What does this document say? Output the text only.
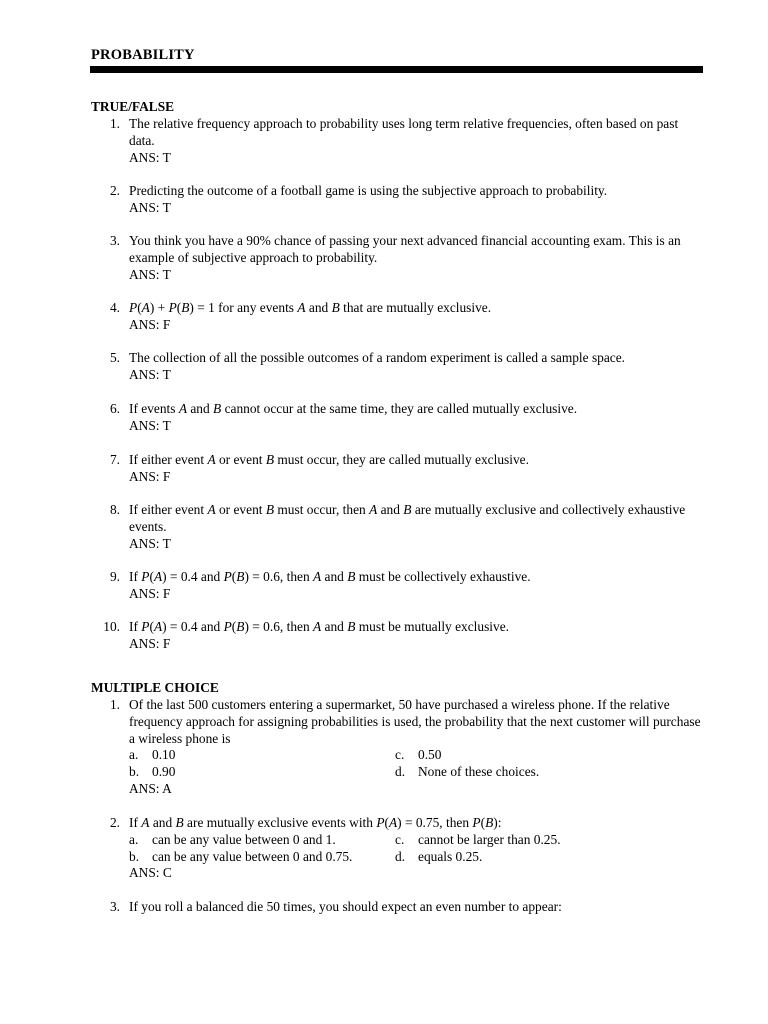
PROBABILITY
TRUE/FALSE
1. The relative frequency approach to probability uses long term relative frequencies, often based on past data.
ANS: T
2. Predicting the outcome of a football game is using the subjective approach to probability.
ANS: T
3. You think you have a 90% chance of passing your next advanced financial accounting exam. This is an example of subjective approach to probability.
ANS: T
4. P(A) + P(B) = 1 for any events A and B that are mutually exclusive.
ANS: F
5. The collection of all the possible outcomes of a random experiment is called a sample space.
ANS: T
6. If events A and B cannot occur at the same time, they are called mutually exclusive.
ANS: T
7. If either event A or event B must occur, they are called mutually exclusive.
ANS: F
8. If either event A or event B must occur, then A and B are mutually exclusive and collectively exhaustive events.
ANS: T
9. If P(A) = 0.4 and P(B) = 0.6, then A and B must be collectively exhaustive.
ANS: F
10. If P(A) = 0.4 and P(B) = 0.6, then A and B must be mutually exclusive.
ANS: F
MULTIPLE CHOICE
1. Of the last 500 customers entering a supermarket, 50 have purchased a wireless phone. If the relative frequency approach for assigning probabilities is used, the probability that the next customer will purchase a wireless phone is
a. 0.10
b. 0.90
c. 0.50
d. None of these choices.
ANS: A
2. If A and B are mutually exclusive events with P(A) = 0.75, then P(B):
a. can be any value between 0 and 1.
b. can be any value between 0 and 0.75.
c. cannot be larger than 0.25.
d. equals 0.25.
ANS: C
3. If you roll a balanced die 50 times, you should expect an even number to appear:
